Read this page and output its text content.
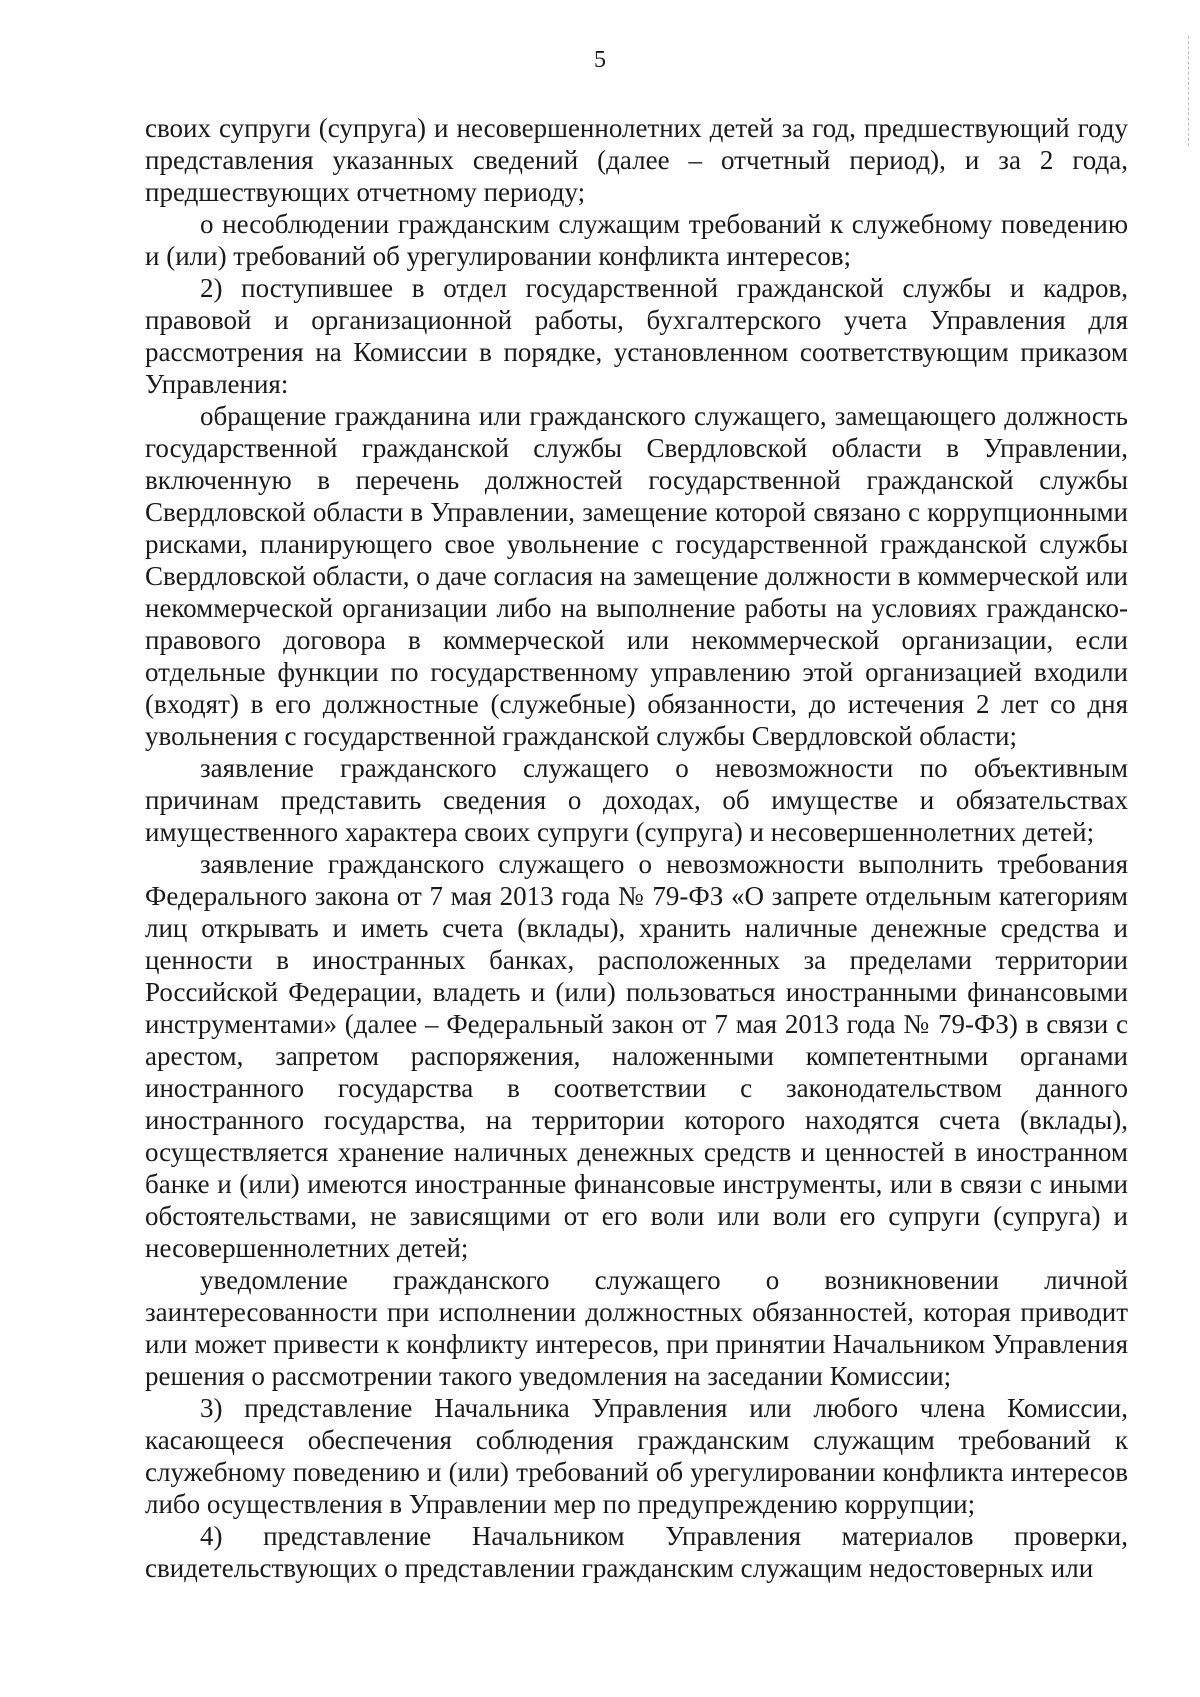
5

своих супруги (супруга) и несовершеннолетних детей за год, предшествующий году представления указанных сведений (далее – отчетный период), и за 2 года, предшествующих отчетному периоду;

о несоблюдении гражданским служащим требований к служебному поведению и (или) требований об урегулировании конфликта интересов;

2) поступившее в отдел государственной гражданской службы и кадров, правовой и организационной работы, бухгалтерского учета Управления для рассмотрения на Комиссии в порядке, установленном соответствующим приказом Управления:

обращение гражданина или гражданского служащего, замещающего должность государственной гражданской службы Свердловской области в Управлении, включенную в перечень должностей государственной гражданской службы Свердловской области в Управлении, замещение которой связано с коррупционными рисками, планирующего свое увольнение с государственной гражданской службы Свердловской области, о даче согласия на замещение должности в коммерческой или некоммерческой организации либо на выполнение работы на условиях гражданско-правового договора в коммерческой или некоммерческой организации, если отдельные функции по государственному управлению этой организацией входили (входят) в его должностные (служебные) обязанности, до истечения 2 лет со дня увольнения с государственной гражданской службы Свердловской области;

заявление гражданского служащего о невозможности по объективным причинам представить сведения о доходах, об имуществе и обязательствах имущественного характера своих супруги (супруга) и несовершеннолетних детей;

заявление гражданского служащего о невозможности выполнить требования Федерального закона от 7 мая 2013 года № 79-ФЗ «О запрете отдельным категориям лиц открывать и иметь счета (вклады), хранить наличные денежные средства и ценности в иностранных банках, расположенных за пределами территории Российской Федерации, владеть и (или) пользоваться иностранными финансовыми инструментами» (далее – Федеральный закон от 7 мая 2013 года № 79-ФЗ) в связи с арестом, запретом распоряжения, наложенными компетентными органами иностранного государства в соответствии с законодательством данного иностранного государства, на территории которого находятся счета (вклады), осуществляется хранение наличных денежных средств и ценностей в иностранном банке и (или) имеются иностранные финансовые инструменты, или в связи с иными обстоятельствами, не зависящими от его воли или воли его супруги (супруга) и несовершеннолетних детей;

уведомление гражданского служащего о возникновении личной заинтересованности при исполнении должностных обязанностей, которая приводит или может привести к конфликту интересов, при принятии Начальником Управления решения о рассмотрении такого уведомления на заседании Комиссии;

3) представление Начальника Управления или любого члена Комиссии, касающееся обеспечения соблюдения гражданским служащим требований к служебному поведению и (или) требований об урегулировании конфликта интересов либо осуществления в Управлении мер по предупреждению коррупции;

4) представление Начальником Управления материалов проверки, свидетельствующих о представлении гражданским служащим недостоверных или
